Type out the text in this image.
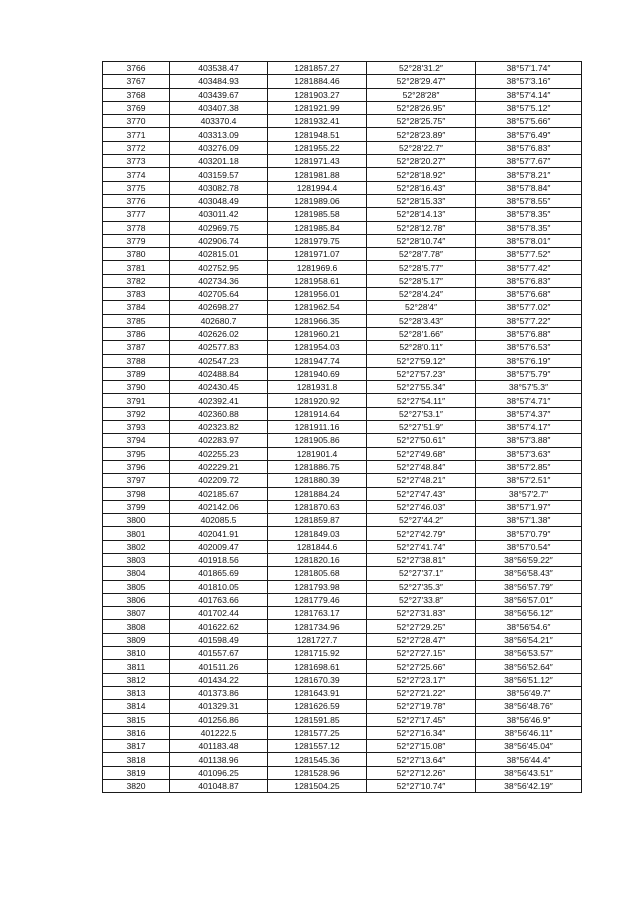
3766	403538.47	1281857.27	52°28′31.2″	38°57′1.74″
3767	403484.93	1281884.46	52°28′29.47″	38°57′3.16″
3768	403439.67	1281903.27	52°28′28″	38°57′4.14″
3769	403407.38	1281921.99	52°28′26.95″	38°57′5.12″
3770	403370.4	1281932.41	52°28′25.75″	38°57′5.66″
3771	403313.09	1281948.51	52°28′23.89″	38°57′6.49″
3772	403276.09	1281955.22	52°28′22.7″	38°57′6.83″
3773	403201.18	1281971.43	52°28′20.27″	38°57′7.67″
3774	403159.57	1281981.88	52°28′18.92″	38°57′8.21″
3775	403082.78	1281994.4	52°28′16.43″	38°57′8.84″
3776	403048.49	1281989.06	52°28′15.33″	38°57′8.55″
3777	403011.42	1281985.58	52°28′14.13″	38°57′8.35″
3778	402969.75	1281985.84	52°28′12.78″	38°57′8.35″
3779	402906.74	1281979.75	52°28′10.74″	38°57′8.01″
3780	402815.01	1281971.07	52°28′7.78″	38°57′7.52″
3781	402752.95	1281969.6	52°28′5.77″	38°57′7.42″
3782	402734.36	1281958.61	52°28′5.17″	38°57′6.83″
3783	402705.64	1281956.01	52°28′4.24″	38°57′6.68″
3784	402698.27	1281962.54	52°28′4″	38°57′7.02″
3785	402680.7	1281966.35	52°28′3.43″	38°57′7.22″
3786	402626.02	1281960.21	52°28′1.66″	38°57′6.88″
3787	402577.83	1281954.03	52°28′0.11″	38°57′6.53″
3788	402547.23	1281947.74	52°27′59.12″	38°57′6.19″
3789	402488.84	1281940.69	52°27′57.23″	38°57′5.79″
3790	402430.45	1281931.8	52°27′55.34″	38°57′5.3″
3791	402392.41	1281920.92	52°27′54.11″	38°57′4.71″
3792	402360.88	1281914.64	52°27′53.1″	38°57′4.37″
3793	402323.82	1281911.16	52°27′51.9″	38°57′4.17″
3794	402283.97	1281905.86	52°27′50.61″	38°57′3.88″
3795	402255.23	1281901.4	52°27′49.68″	38°57′3.63″
3796	402229.21	1281886.75	52°27′48.84″	38°57′2.85″
3797	402209.72	1281880.39	52°27′48.21″	38°57′2.51″
3798	402185.67	1281884.24	52°27′47.43″	38°57′2.7″
3799	402142.06	1281870.63	52°27′46.03″	38°57′1.97″
3800	402085.5	1281859.87	52°27′44.2″	38°57′1.38″
3801	402041.91	1281849.03	52°27′42.79″	38°57′0.79″
3802	402009.47	1281844.6	52°27′41.74″	38°57′0.54″
3803	401918.56	1281820.16	52°27′38.81″	38°56′59.22″
3804	401865.69	1281805.68	52°27′37.1″	38°56′58.43″
3805	401810.05	1281793.98	52°27′35.3″	38°56′57.79″
3806	401763.66	1281779.46	52°27′33.8″	38°56′57.01″
3807	401702.44	1281763.17	52°27′31.83″	38°56′56.12″
3808	401622.62	1281734.96	52°27′29.25″	38°56′54.6″
3809	401598.49	1281727.7	52°27′28.47″	38°56′54.21″
3810	401557.67	1281715.92	52°27′27.15″	38°56′53.57″
3811	401511.26	1281698.61	52°27′25.66″	38°56′52.64″
3812	401434.22	1281670.39	52°27′23.17″	38°56′51.12″
3813	401373.86	1281643.91	52°27′21.22″	38°56′49.7″
3814	401329.31	1281626.59	52°27′19.78″	38°56′48.76″
3815	401256.86	1281591.85	52°27′17.45″	38°56′46.9″
3816	401222.5	1281577.25	52°27′16.34″	38°56′46.11″
3817	401183.48	1281557.12	52°27′15.08″	38°56′45.04″
3818	401138.96	1281545.36	52°27′13.64″	38°56′44.4″
3819	401096.25	1281528.96	52°27′12.26″	38°56′43.51″
3820	401048.87	1281504.25	52°27′10.74″	38°56′42.19″
